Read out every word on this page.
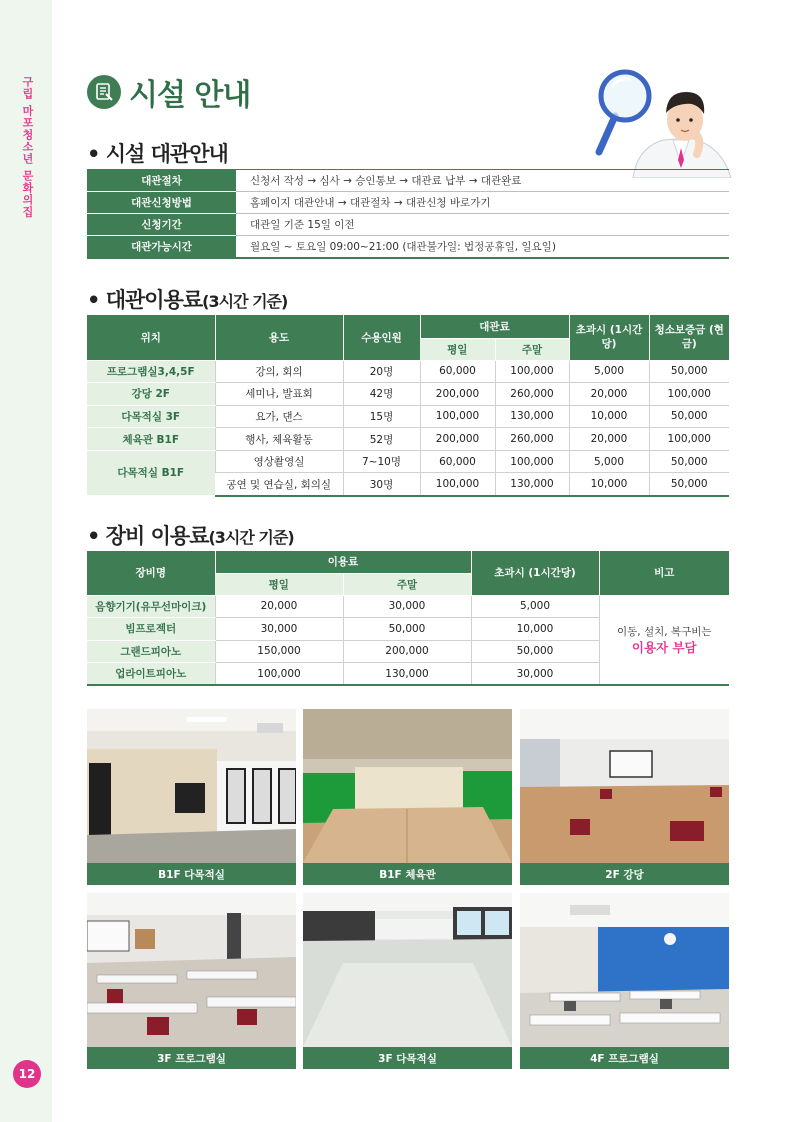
구립 마포청소년 문화의집
12
시설 안내
• 시설 대관안내
대관절차	신청서 작성 → 심사 → 승인통보 → 대관료 납부 → 대관완료
대관신청방법	홈페이지 대관안내 → 대관절차 → 대관신청 바로가기
신청기간	대관일 기준 15일 이전
대관가능시간	월요일 ~ 토요일 09:00~21:00 (대관불가일: 법정공휴일, 일요일)
• 대관이용료(3시간 기준)
위치	용도	수용인원	대관료		초과시 (1시간당)	청소보증금 (현금)
			평일	주말		
프로그램실3,4,5F	강의, 회의	20명	60,000	100,000	5,000	50,000
강당 2F	세미나, 발표회	42명	200,000	260,000	20,000	100,000
다목적실 3F	요가, 댄스	15명	100,000	130,000	10,000	50,000
체육관 B1F	행사, 체육활동	52명	200,000	260,000	20,000	100,000
다목적실 B1F	영상촬영실	7~10명	60,000	100,000	5,000	50,000
	공연 및 연습실, 회의실	30명	100,000	130,000	10,000	50,000
• 장비 이용료(3시간 기준)
장비명	이용료		초과시 (1시간당)	비고
	평일	주말		
음향기기(유무선마이크)	20,000	30,000	5,000	이동, 설치, 복구비는
이용자 부담

빔프로젝터	30,000	50,000	10,000	
그랜드피아노	150,000	200,000	50,000	
업라이트피아노	100,000	130,000	30,000	
B1F 다목적실	B1F 체육관	2F 강당
3F 프로그램실	3F 다목적실	4F 프로그램실
